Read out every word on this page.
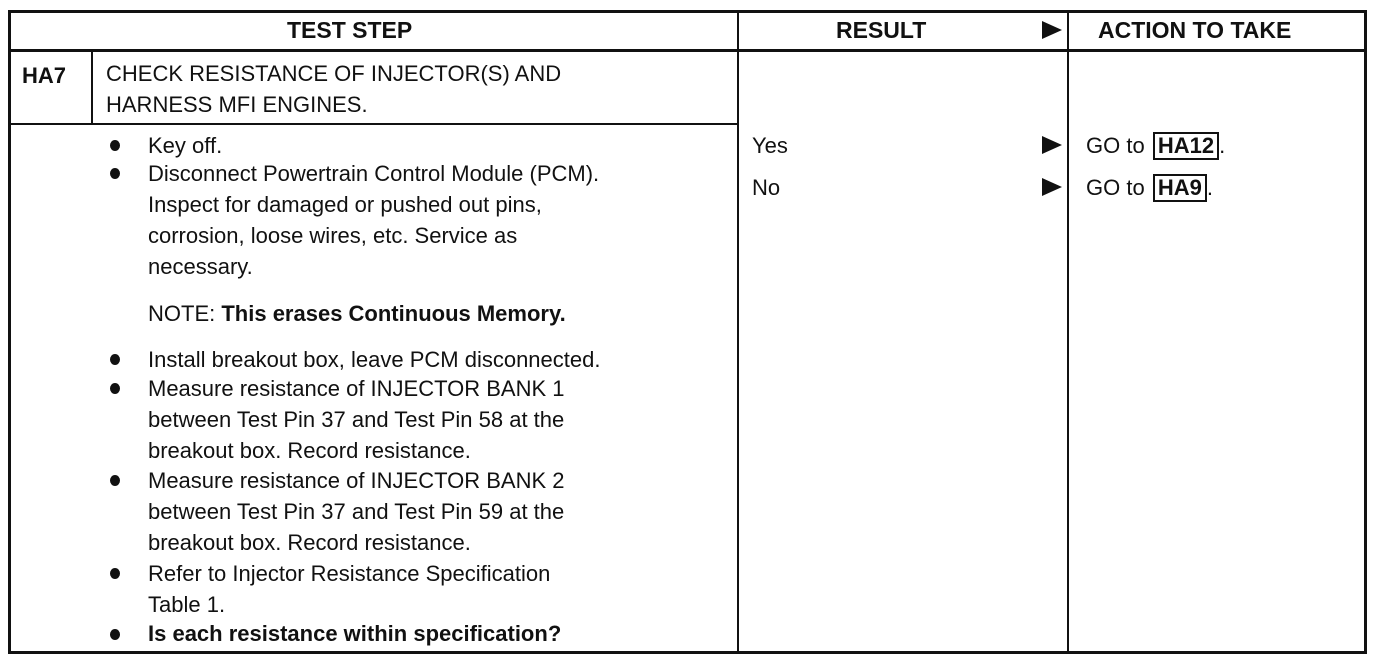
TEST STEP	RESULT	ACTION TO TAKE
HA7 CHECK RESISTANCE OF INJECTOR(S) AND
HARNESS MFI ENGINES.
Key off.
Disconnect Powertrain Control Module (PCM).
Inspect for damaged or pushed out pins,
corrosion, loose wires, etc. Service as
necessary.
NOTE: This erases Continuous Memory.
Install breakout box, leave PCM disconnected.
Measure resistance of INJECTOR BANK 1
between Test Pin 37 and Test Pin 58 at the
breakout box. Record resistance.
Measure resistance of INJECTOR BANK 2
between Test Pin 37 and Test Pin 59 at the
breakout box. Record resistance.
Refer to Injector Resistance Specification
Table 1.
Is each resistance within specification?
Yes	GO to HA12 .
No	GO to HA9 .
